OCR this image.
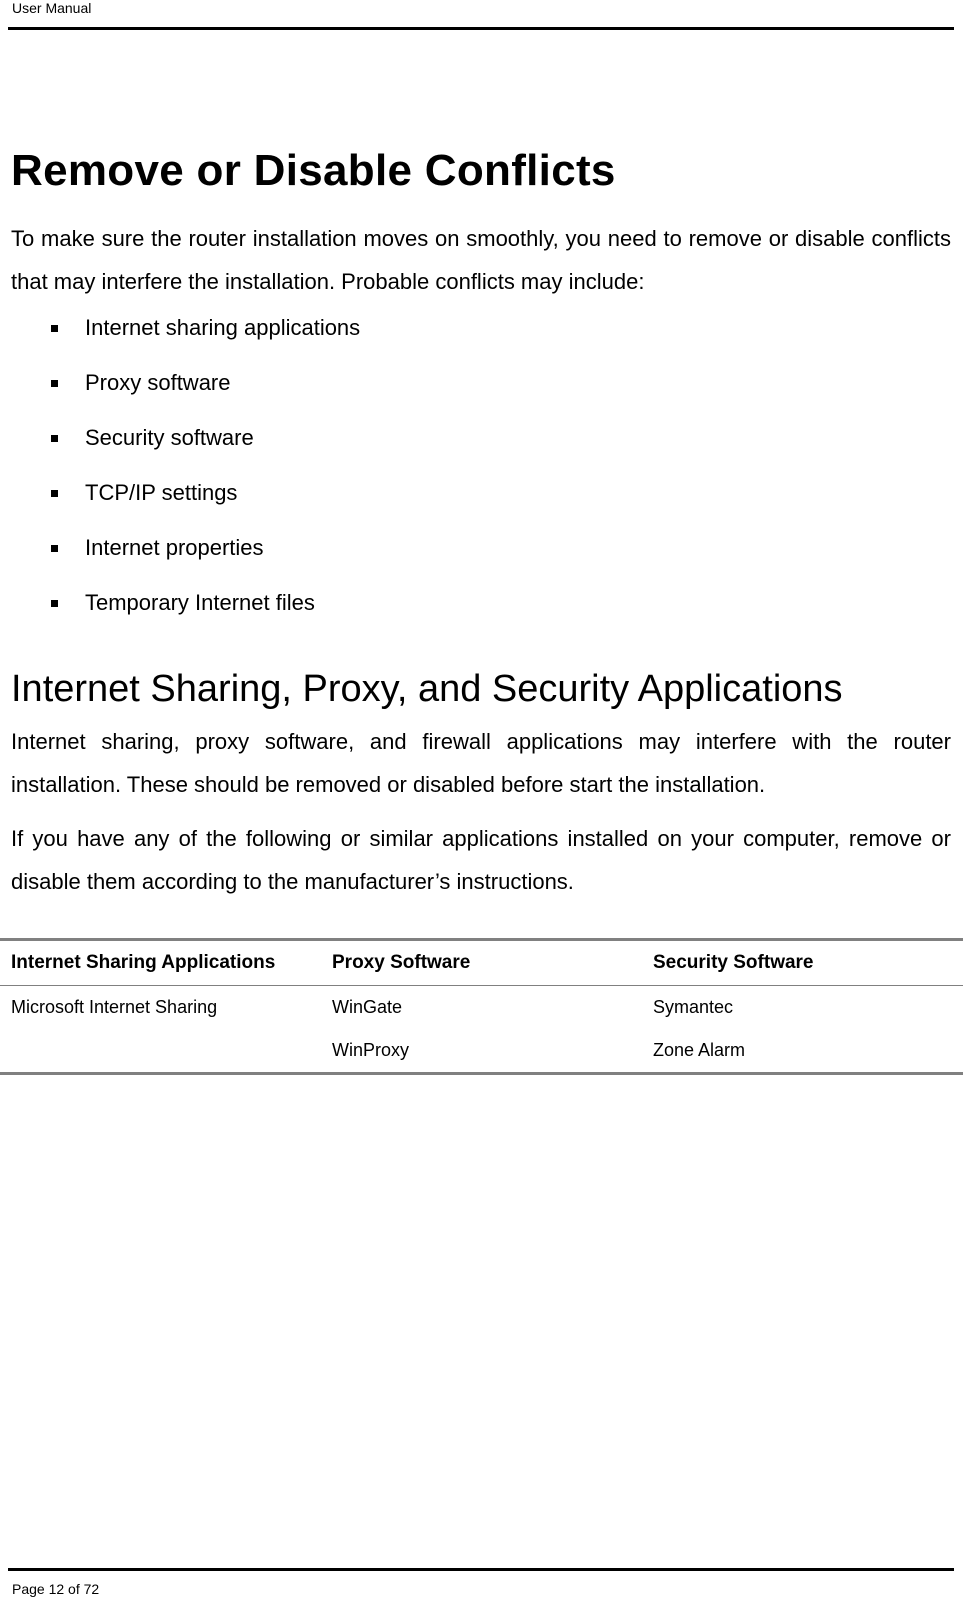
User Manual
Remove or Disable Conflicts

To make sure the router installation moves on smoothly, you need to remove or disable conflicts that may interfere the installation. Probable conflicts may include:

Internet sharing applications
Proxy software
Security software
TCP/IP settings
Internet properties
Temporary Internet files
Internet Sharing, Proxy, and Security Applications

Internet sharing, proxy software, and firewall applications may interfere with the router installation. These should be removed or disabled before start the installation.

If you have any of the following or similar applications installed on your computer, remove or disable them according to the manufacturer’s instructions.

Internet Sharing Applications	Proxy Software	Security Software
Microsoft Internet Sharing	WinGate	Symantec
	WinProxy	Zone Alarm
Page 12 of 72
